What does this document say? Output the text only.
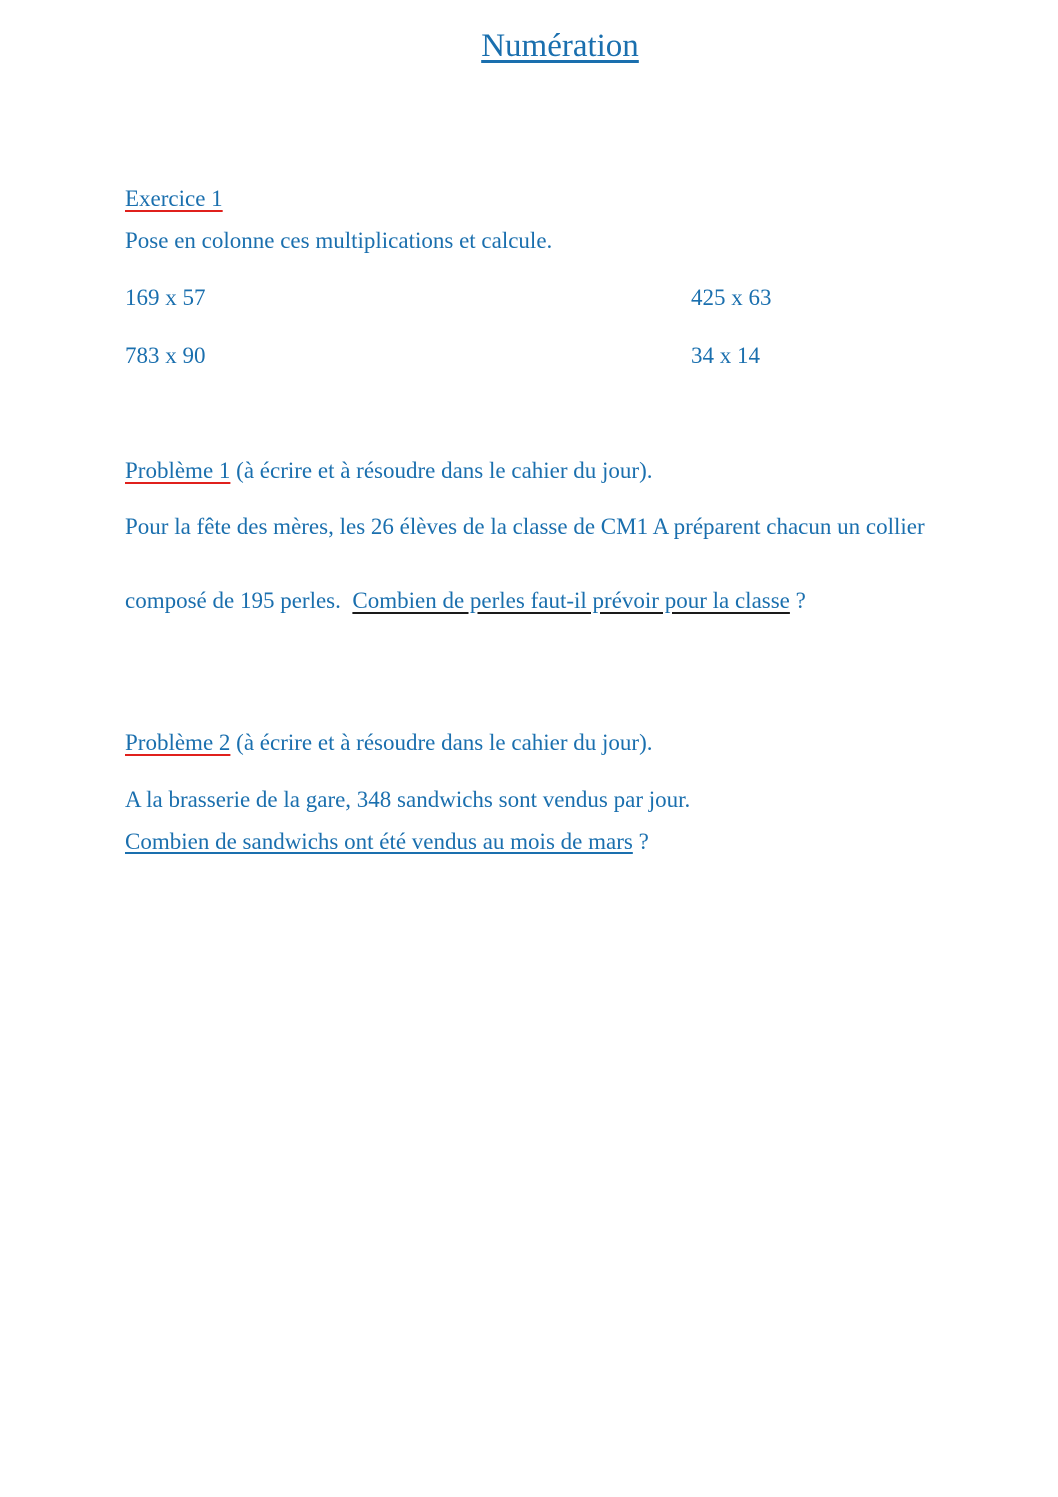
Numération
Exercice 1
Pose en colonne ces multiplications et calcule.
169 x 57	425 x 63
783 x 90	34 x 14
Problème 1 (à écrire et à résoudre dans le cahier du jour).
Pour la fête des mères, les 26 élèves de la classe de CM1 A préparent chacun un collier

composé de 195 perles.  Combien de perles faut-il prévoir pour la classe ?
Problème 2 (à écrire et à résoudre dans le cahier du jour).
A la brasserie de la gare, 348 sandwichs sont vendus par jour.
Combien de sandwichs ont été vendus au mois de mars ?
